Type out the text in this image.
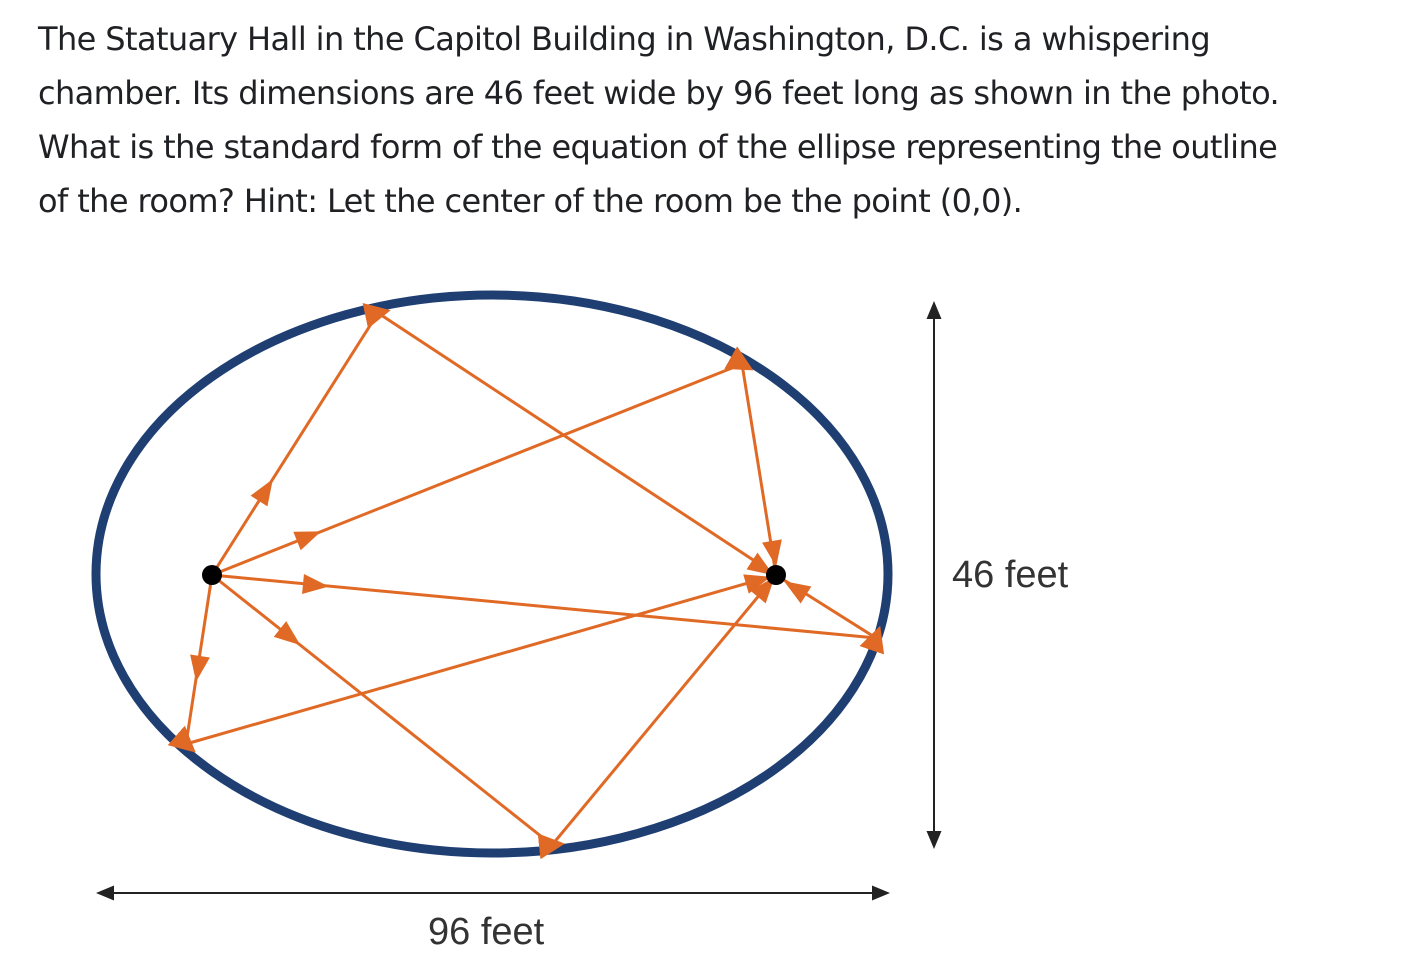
The Statuary Hall in the Capitol Building in Washington, D.C. is a whispering
chamber. Its dimensions are 46 feet wide by 96 feet long as shown in the photo.
What is the standard form of the equation of the ellipse representing the outline
of the room? Hint: Let the center of the room be the point (0,0).

46 feet
96 feet
